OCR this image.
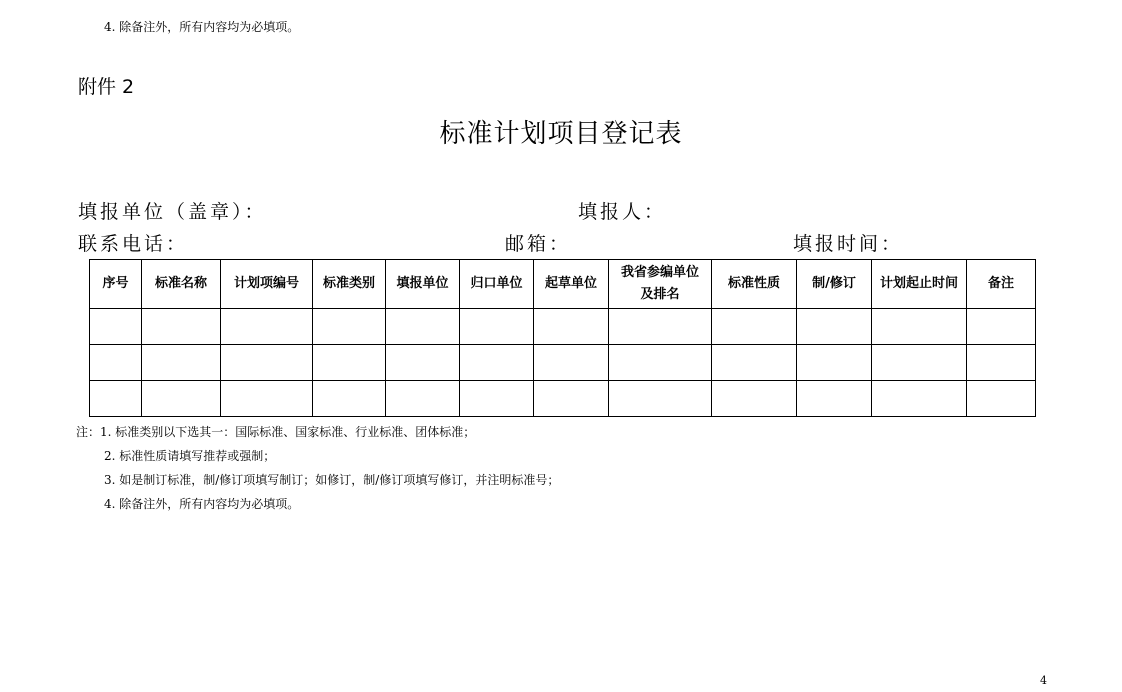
4. 除备注外，所有内容均为必填项。
附件 2
标准计划项目登记表
填报单位（盖章）：	填报人：
联系电话：	邮箱：	填报时间：
序号	标准名称	计划项编号	标准类别	填报单位	归口单位	起草单位	我省参编单位及排名	标准性质	制/修订	计划起止时间	备注

注：1. 标准类别以下选其一：国际标准、国家标准、行业标准、团体标准；
2. 标准性质请填写推荐或强制；
3. 如是制订标准，制/修订项填写制订；如修订，制/修订项填写修订，并注明标准号；
4. 除备注外，所有内容均为必填项。
4
